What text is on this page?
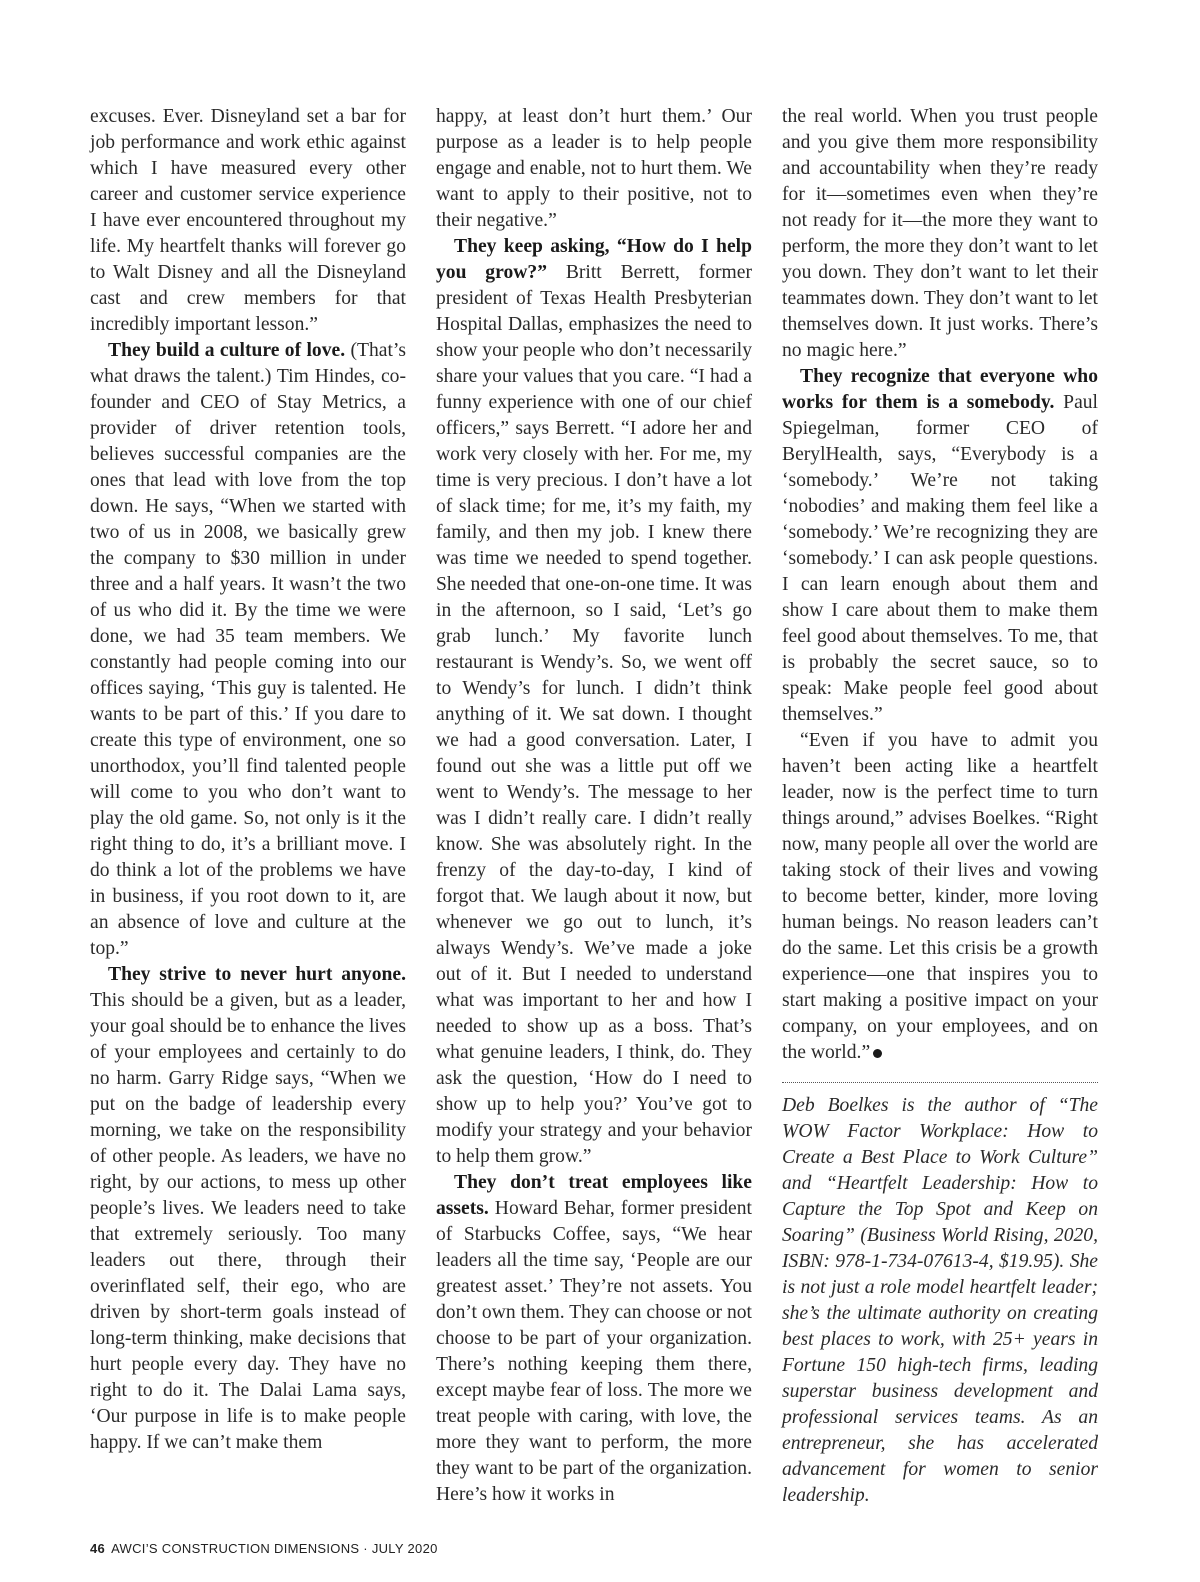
excuses. Ever. Disneyland set a bar for job performance and work ethic against which I have measured every other career and customer service experience I have ever encountered throughout my life. My heartfelt thanks will forever go to Walt Disney and all the Disneyland cast and crew members for that incredibly important lesson.”

They build a culture of love. (That’s what draws the talent.) Tim Hindes, co-founder and CEO of Stay Metrics, a provider of driver retention tools, believes successful companies are the ones that lead with love from the top down. He says, “When we started with two of us in 2008, we basically grew the company to $30 million in under three and a half years. It wasn’t the two of us who did it. By the time we were done, we had 35 team members. We constantly had people coming into our offices saying, ‘This guy is talented. He wants to be part of this.’ If you dare to create this type of environment, one so unorthodox, you’ll find talented people will come to you who don’t want to play the old game. So, not only is it the right thing to do, it’s a brilliant move. I do think a lot of the problems we have in business, if you root down to it, are an absence of love and culture at the top.”

They strive to never hurt anyone. This should be a given, but as a leader, your goal should be to enhance the lives of your employees and certainly to do no harm. Garry Ridge says, “When we put on the badge of leadership every morning, we take on the responsibility of other people. As leaders, we have no right, by our actions, to mess up other people’s lives. We leaders need to take that extremely seriously. Too many leaders out there, through their overinflated self, their ego, who are driven by short-term goals instead of long-term thinking, make decisions that hurt people every day. They have no right to do it. The Dalai Lama says, ‘Our purpose in life is to make people happy. If we can’t make them

happy, at least don’t hurt them.’ Our purpose as a leader is to help people engage and enable, not to hurt them. We want to apply to their positive, not to their negative.”

They keep asking, “How do I help you grow?” Britt Berrett, former president of Texas Health Presbyterian Hospital Dallas, emphasizes the need to show your people who don’t necessarily share your values that you care. “I had a funny experience with one of our chief officers,” says Berrett. “I adore her and work very closely with her. For me, my time is very precious. I don’t have a lot of slack time; for me, it’s my faith, my family, and then my job. I knew there was time we needed to spend together. She needed that one-on-one time. It was in the afternoon, so I said, ‘Let’s go grab lunch.’ My favorite lunch restaurant is Wendy’s. So, we went off to Wendy’s for lunch. I didn’t think anything of it. We sat down. I thought we had a good conversation. Later, I found out she was a little put off we went to Wendy’s. The message to her was I didn’t really care. I didn’t really know. She was absolutely right. In the frenzy of the day-to-day, I kind of forgot that. We laugh about it now, but whenever we go out to lunch, it’s always Wendy’s. We’ve made a joke out of it. But I needed to understand what was important to her and how I needed to show up as a boss. That’s what genuine leaders, I think, do. They ask the question, ‘How do I need to show up to help you?’ You’ve got to modify your strategy and your behavior to help them grow.”

They don’t treat employees like assets. Howard Behar, former president of Starbucks Coffee, says, “We hear leaders all the time say, ‘People are our greatest asset.’ They’re not assets. You don’t own them. They can choose or not choose to be part of your organization. There’s nothing keeping them there, except maybe fear of loss. The more we treat people with caring, with love, the more they want to perform, the more they want to be part of the organization. Here’s how it works in

the real world. When you trust people and you give them more responsibility and accountability when they’re ready for it—sometimes even when they’re not ready for it—the more they want to perform, the more they don’t want to let you down. They don’t want to let their teammates down. They don’t want to let themselves down. It just works. There’s no magic here.”

They recognize that everyone who works for them is a somebody. Paul Spiegelman, former CEO of BerylHealth, says, “Everybody is a ‘somebody.’ We’re not taking ‘nobodies’ and making them feel like a ‘somebody.’ We’re recognizing they are ‘somebody.’ I can ask people questions. I can learn enough about them and show I care about them to make them feel good about themselves. To me, that is probably the secret sauce, so to speak: Make people feel good about themselves.”

“Even if you have to admit you haven’t been acting like a heartfelt leader, now is the perfect time to turn things around,” advises Boelkes. “Right now, many people all over the world are taking stock of their lives and vowing to become better, kinder, more loving human beings. No reason leaders can’t do the same. Let this crisis be a growth experience—one that inspires you to start making a positive impact on your company, on your employees, and on the world.”

Deb Boelkes is the author of “The WOW Factor Workplace: How to Create a Best Place to Work Culture” and “Heartfelt Leadership: How to Capture the Top Spot and Keep on Soaring” (Business World Rising, 2020, ISBN: 978-1-734-07613-4, $19.95). She is not just a role model heartfelt leader; she’s the ultimate authority on creating best places to work, with 25+ years in Fortune 150 high-tech firms, leading superstar business development and professional services teams. As an entrepreneur, she has accelerated advancement for women to senior leadership.

46 AWCI’S CONSTRUCTION DIMENSIONS · JULY 2020
